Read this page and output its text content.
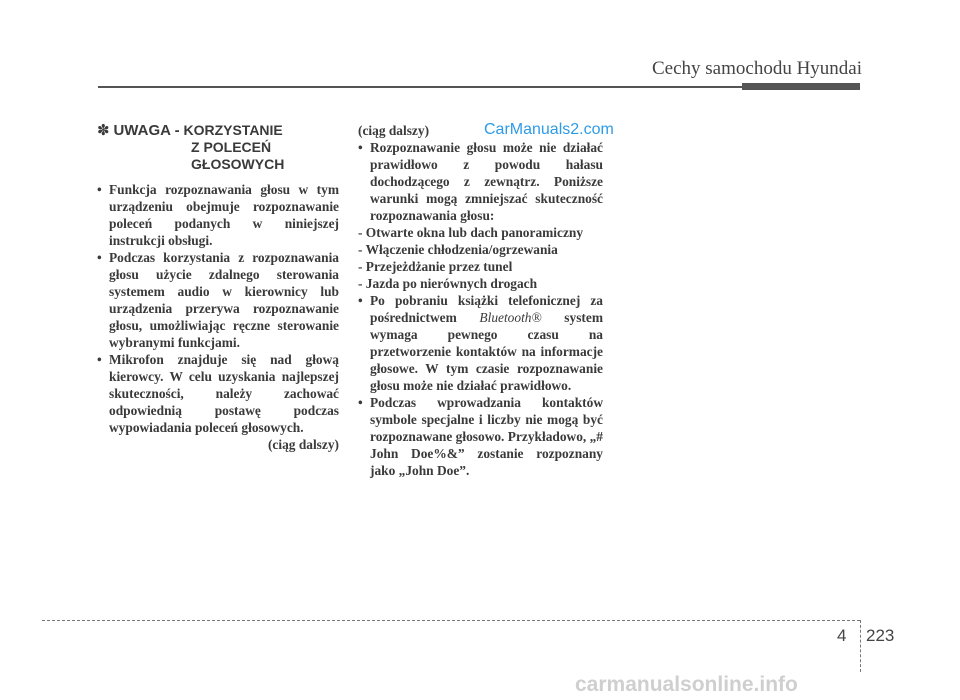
Cechy samochodu Hyundai
✽ UWAGA - KORZYSTANIE
Z POLECEŃ
GŁOSOWYCH

• Funkcja rozpoznawania głosu w tym urządzeniu obejmuje rozpoznawanie poleceń podanych w niniejszej instrukcji obsługi.

• Podczas korzystania z rozpoznawania głosu użycie zdalnego sterowania systemem audio w kierownicy lub urządzenia przerywa rozpoznawanie głosu, umożliwiając ręczne sterowanie wybranymi funkcjami.

• Mikrofon znajduje się nad głową kierowcy. W celu uzyskania najlepszej skuteczności, należy zachować odpowiednią postawę podczas wypowiadania poleceń głosowych.

(ciąg dalszy)

(ciąg dalszy)

• Rozpoznawanie głosu może nie działać prawidłowo z powodu hałasu dochodzącego z zewnątrz. Poniższe warunki mogą zmniejszać skuteczność rozpoznawania głosu:

- Otwarte okna lub dach panoramiczny

- Włączenie chłodzenia/ogrzewania

- Przejeżdżanie przez tunel

- Jazda po nierównych drogach

• Po pobraniu książki telefonicznej za pośrednictwem Bluetooth® system wymaga pewnego czasu na przetworzenie kontaktów na informacje głosowe. W tym czasie rozpoznawanie głosu może nie działać prawidłowo.

• Podczas wprowadzania kontaktów symbole specjalne i liczby nie mogą być rozpoznawane głosowo. Przykładowo, „# John Doe%&” zostanie rozpoznany jako „John Doe”.

CarManuals2.com
carmanualsonline.info
4 223
